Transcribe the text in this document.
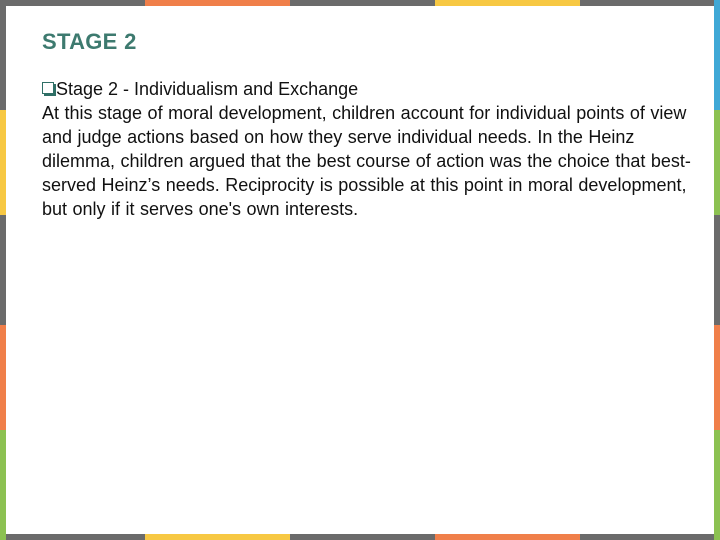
STAGE 2
Stage 2 - Individualism and Exchange
At this stage of moral development, children account for individual points of view and judge actions based on how they serve individual needs. In the Heinz dilemma, children argued that the best course of action was the choice that best-served Heinz’s needs. Reciprocity is possible at this point in moral development, but only if it serves one's own interests.
